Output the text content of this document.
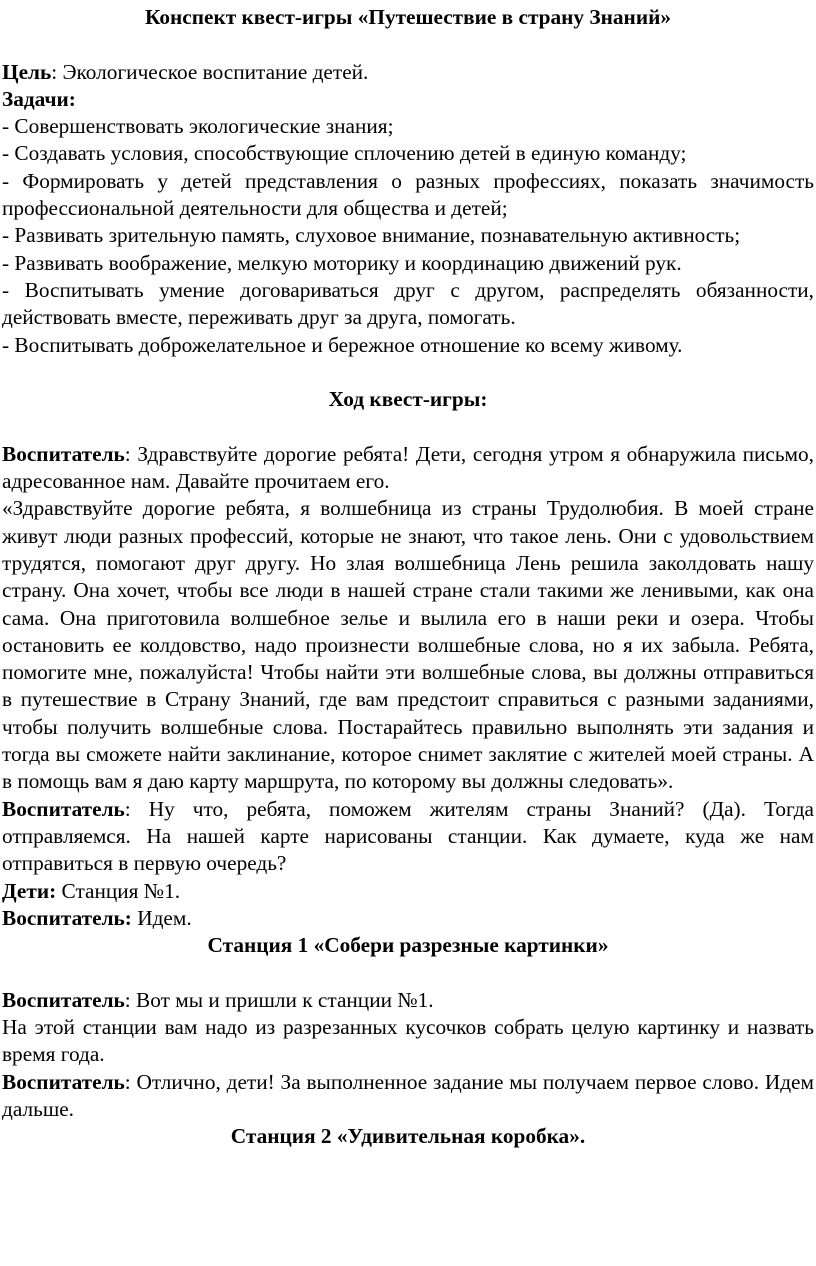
Конспект квест-игры «Путешествие в страну Знаний»

Цель: Экологическое воспитание детей.

Задачи:

- Совершенствовать экологические знания;

- Создавать условия, способствующие сплочению детей в единую команду;

- Формировать у детей представления о разных профессиях, показать значимость профессиональной деятельности для общества и детей;

- Развивать зрительную память, слуховое внимание, познавательную активность;

- Развивать воображение, мелкую моторику и координацию движений рук.

- Воспитывать умение договариваться друг с другом, распределять обязанности, действовать вместе, переживать друг за друга, помогать.

- Воспитывать доброжелательное и бережное отношение ко всему живому.

Ход квест-игры:

Воспитатель: Здравствуйте дорогие ребята! Дети, сегодня утром я обнаружила письмо, адресованное нам. Давайте прочитаем его.

«Здравствуйте дорогие ребята, я волшебница из страны Трудолюбия. В моей стране живут люди разных профессий, которые не знают, что такое лень. Они с удовольствием трудятся, помогают друг другу. Но злая волшебница Лень решила заколдовать нашу страну. Она хочет, чтобы все люди в нашей стране стали такими же ленивыми, как она сама. Она приготовила волшебное зелье и вылила его в наши реки и озера. Чтобы остановить ее колдовство, надо произнести волшебные слова, но я их забыла. Ребята, помогите мне, пожалуйста! Чтобы найти эти волшебные слова, вы должны отправиться в путешествие в Страну Знаний, где вам предстоит справиться с разными заданиями, чтобы получить волшебные слова. Постарайтесь правильно выполнять эти задания и тогда вы сможете найти заклинание, которое снимет заклятие с жителей моей страны. А в помощь вам я даю карту маршрута, по которому вы должны следовать».

Воспитатель: Ну что, ребята, поможем жителям страны Знаний? (Да). Тогда отправляемся. На нашей карте нарисованы станции. Как думаете, куда же нам отправиться в первую очередь?

Дети: Станция №1.

Воспитатель: Идем.

Станция 1 «Собери разрезные картинки»

Воспитатель: Вот мы и пришли к станции №1.

На этой станции вам надо из разрезанных кусочков собрать целую картинку и назвать время года.

Воспитатель: Отлично, дети! За выполненное задание мы получаем первое слово. Идем дальше.

Станция 2 «Удивительная коробка».
